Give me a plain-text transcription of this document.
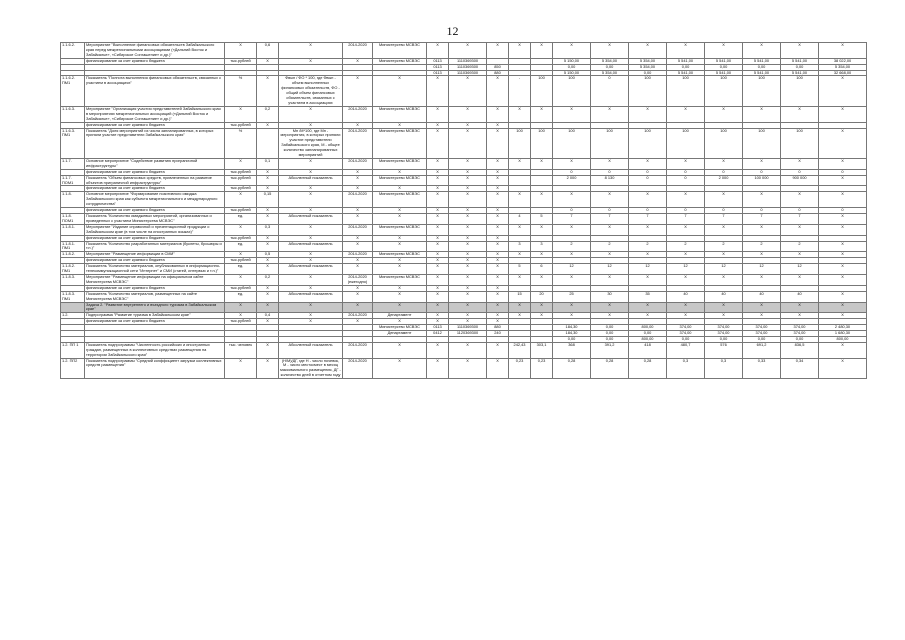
12
1.1.6.2.	Мероприятие "Выполнение финансовых обязательств Забайкальского края перед межрегиональными ассоциациями («Дальний Восток и Забайкалье», «Сибирское Соглашение» и др.)"	X	0,6	X	2014-2020	Министерство МСВЭС	X	X	X	X	X	X	X	X	X	X	X	X	X
	финансирование за счет краевого бюджета	тыс.рублей	X	X	X	Министерство МСВЭС	0113	1110369300				5 150,00	5 354,00	5 354,00	5 541,00	5 541,00	5 541,00	5 541,00	38 022,00
							0113	1110369300	850			0,00	0,00	5 354,00	0,00	0,00	0,00	0,00	5 354,00
							0113	1110369300	880			5 150,00	5 354,00	0,00	5 541,00	5 541,00	5 541,00	5 541,00	32 668,00
1.1.6.2. ПМ1	Показатель "Полнота выполнения финансовых обязательств, связанных с участием в ассоциациях"	%	X	Фвып / ФО * 100, где Фвып - объем выполненных финансовых обязательств, ФО - общий объем финансовых обязательств, связанных с участием в ассоциациях	X	X	X	X	X	-	100	100	0	100	100	100	100	100	X
1.1.6.3.	Мероприятие "Организация участия представителей Забайкальского края в мероприятиях межрегиональных ассоциаций («Дальний Восток и Забайкалье», «Сибирское Соглашение» и др.)"	X	0,2	X	2014-2020	Министерство МСВЭС	X	X	X	X	X	X	X	X	X	X	X	X	X
	финансирование за счет краевого бюджета	тыс.рублей	X	X	X	X	X	X	X										
1.1.6.3. ПМ1	Показатель "Доля мероприятий из числа запланированных, в которых приняли участие представители Забайкальского края"	%		Мп /М*100, где Мп - мероприятия, в которых приняли участие представители Забайкальского края, М - общее количество запланированных мероприятий	2014-2020	Министерство МСВЭС	X	X	X	100	100	100	100	100	100	100	100	100	X
1.1.7.	Основное мероприятие "Содействие развитию приграничной инфраструктуры"	X	0,1	X	2014-2020	Министерство МСВЭС	X	X	X	X	X	X	X	X	X	X	X	X	X
	финансирование за счет краевого бюджета	тыс.рублей	X	X	X	X	X	X	X			0	0	0	0	0	0	0	0
1.1.7. ПОМ1	Показатель "Объем финансовых средств, привлеченных на развитие объектов приграничной инфраструктуры"	тыс.рублей	X	Абсолютный показатель	X	Министерство МСВЭС	X	X	X			2 000	8 130	0	0	2 000	100 000	900 000	X
	финансирование за счет краевого бюджета	тыс.рублей	X	X	X	X	X	X	X										
1.1.8.	Основное мероприятие "Формирование позитивного имиджа Забайкальского края как субъекта межрегионального и международного сотрудничества"	X	0,15	X	2014-2020	Министерство МСВЭС	X	X	X	X	X	X	X	X	X	X	X	X	X
	финансирование за счет краевого бюджета	тыс.рублей	X	X	X	X	X	X	X			0	0	0	0	0	0	0	0
1.1.8. ПОМ1	Показатель "Количество имиджевых мероприятий, организованных и проведенных с участием Министерства МСВЭС"	ед.	X	Абсолютный показатель	X	X	X	X	X	4	5	7	7	7	7	7	7	7	X
1.1.8.1.	Мероприятие "Издание справочной и презентационной продукции о Забайкальском крае (в том числе на иностранных языках)"	X	0,3	X	2014-2020	Министерство МСВЭС	X	X	X	X	X	X	X	X	X	X	X	X	X
	финансирование за счет краевого бюджета	тыс.рублей	X	X	X	X	X	X	X										
1.1.8.1. ПМ1	Показатель "Количество разработанных материалов (буклеты, брошюры и т.п.)"	ед.	X	Абсолютный показатель	X	X	X	X	X	3	3	2	2	2	2	2	2	2	X
1.1.8.2.	Мероприятие "Размещение информации в СМИ"	X	0,5	X	2014-2020	Министерство МСВЭС	X	X	X	X	X	X	X	X	X	X	X	X	X
	финансирование за счет краевого бюджета	тыс.рублей	X	X	X	X	X	X	X										
1.1.8.2. ПМ1	Показатель "Количество материалов, опубликованных в информационно-телекоммуникационной сети "Интернет" и СМИ (статей, интервью и т.п.)"	ед.	X	Абсолютный показатель	X	X	X	X	X	5	6	12	12	12	12	12	12	12	X
1.1.8.3.	Мероприятие "Размещение информации на официальном сайте Министерства МСВЭС"	X	0,2	X	2014-2020 (ежегодно)	Министерство МСВЭС	X	X	X	X	X	X	X	X	X	X	X	X	X
	финансирование за счет краевого бюджета	тыс.рублей	X	X	X	X	X	X	X										
1.1.8.3. ПМ1	Показатель "Количество материалов, размещенных на сайте Министерства МСВЭС"	ед.	X	Абсолютный показатель	X	X	X	X	X	15	20	25	30	35	40	40	40	40	X
	Задача 2. "Развитие внутреннего и въездного туризма в Забайкальском крае"	X	X	X	X	X	X	X	X	X	X	X	X	X	X	X	X	X	X
1.2.	Подпрограмма "Развитие туризма в Забайкальском крае"	X	0,4	X	2014-2020	Департамент	X	X	X	X	X	X	X	X	X	X	X	X	X
	финансирование за счет краевого бюджета	тыс.рублей	X	X	X	X	X	X	X										
						Министерство МСВЭС	0113	1110369300	880			184,30	0,00	800,00	374,00	374,00	374,00	374,00	2 480,30
						Департамент	0412	1120369300	240			184,30	0,00	0,00	374,00	374,00	374,00	374,00	1 680,30
												0,00	0,00	800,00	0,00	0,00	0,00	0,00	800,00
1.2. ПП 1	Показатель подпрограммы "Численность российских и иностранных граждан, размещенных в коллективных средствах размещения на территории Забайкальского края"	тыс. человек	X	Абсолютный показатель	2014-2020	X	X	X	X	242,43	303,1	368	391,2	418	480,7	576	691,2	836,5	X
1.2. ПП2	Показатель подпрограммы "Средний коэффициент загрузки коллективных средств размещения"	X	X	(Н/М)/ДГ, где Н - число ночевок, М - число местосмест в месяц максимального размещения, ДГ - количество дней в отчетном году	2014-2020	X	X	X	X	0,23	0,23	0,28	0,28	0,28	0,3	0,3	0,33	0,34	X
